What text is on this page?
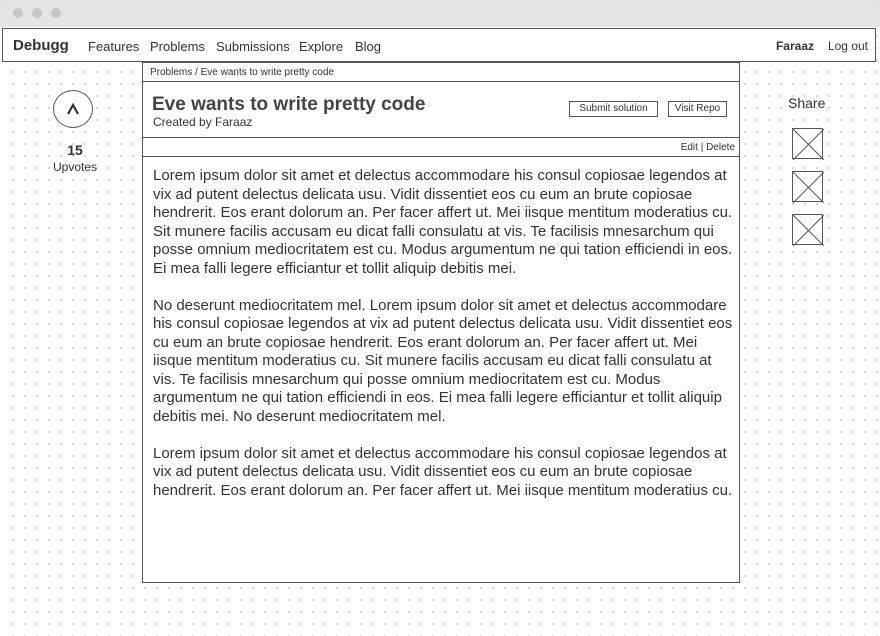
Debugg Features Problems Submissions Explore Blog	Faraaz Log out
15
Upvotes
Problems / Eve wants to write pretty code
Eve wants to write pretty code
Created by Faraaz
Submit solution	Visit Repo
Edit | Delete

Lorem ipsum dolor sit amet et delectus accommodare his consul copiosae legendos at vix ad putent delectus delicata usu. Vidit dissentiet eos cu eum an brute copiosae hendrerit. Eos erant dolorum an. Per facer affert ut. Mei iisque mentitum moderatius cu. Sit munere facilis accusam eu dicat falli consulatu at vis. Te facilisis mnesarchum qui posse omnium mediocritatem est cu. Modus argumentum ne qui tation efficiendi in eos. Ei mea falli legere efficiantur et tollit aliquip debitis mei.

No deserunt mediocritatem mel. Lorem ipsum dolor sit amet et delectus accommodare his consul copiosae legendos at vix ad putent delectus delicata usu. Vidit dissentiet eos cu eum an brute copiosae hendrerit. Eos erant dolorum an. Per facer affert ut. Mei iisque mentitum moderatius cu. Sit munere facilis accusam eu dicat falli consulatu at vis. Te facilisis mnesarchum qui posse omnium mediocritatem est cu. Modus argumentum ne qui tation efficiendi in eos. Ei mea falli legere efficiantur et tollit aliquip debitis mei. No deserunt mediocritatem mel.

Lorem ipsum dolor sit amet et delectus accommodare his consul copiosae legendos at vix ad putent delectus delicata usu. Vidit dissentiet eos cu eum an brute copiosae hendrerit. Eos erant dolorum an. Per facer affert ut. Mei iisque mentitum moderatius cu.

Share
